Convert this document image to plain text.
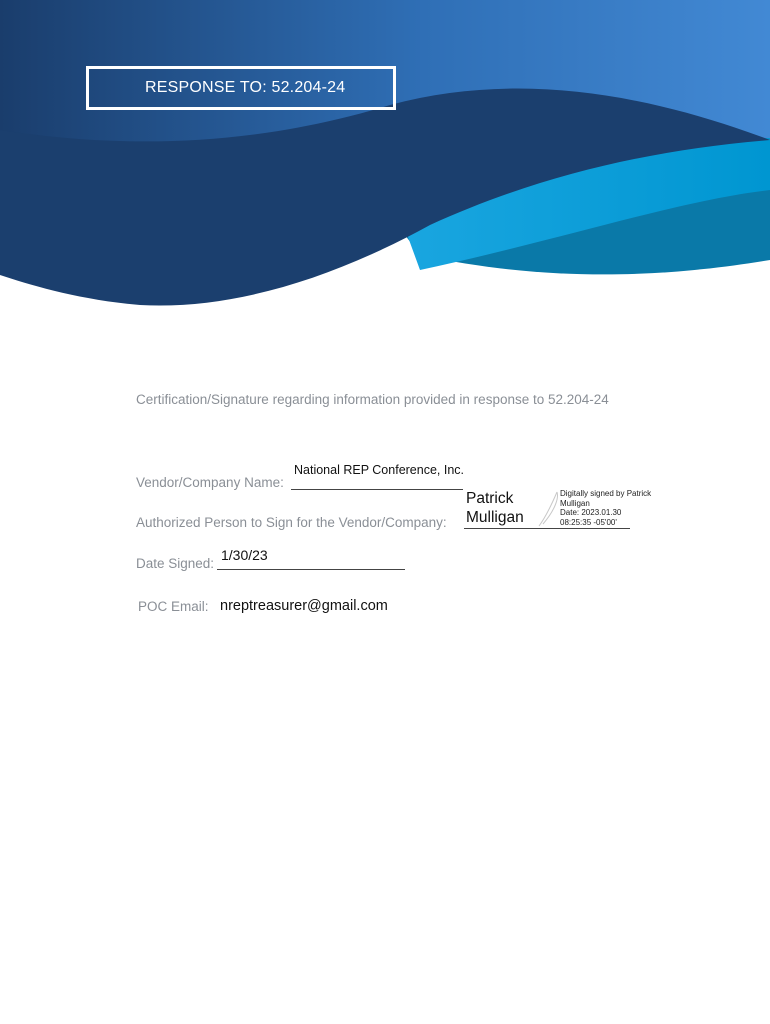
RESPONSE TO: 52.204-24
Certification/Signature regarding information provided in response to 52.204-24
Vendor/Company Name:
National REP Conference, Inc.
Authorized Person to Sign for the Vendor/Company:
Patrick
Mulligan
Digitally signed by Patrick
Mulligan
Date: 2023.01.30
08:25:35 -05'00'
Date Signed:
1/30/23
POC Email: nreptreasurer@gmail.com
